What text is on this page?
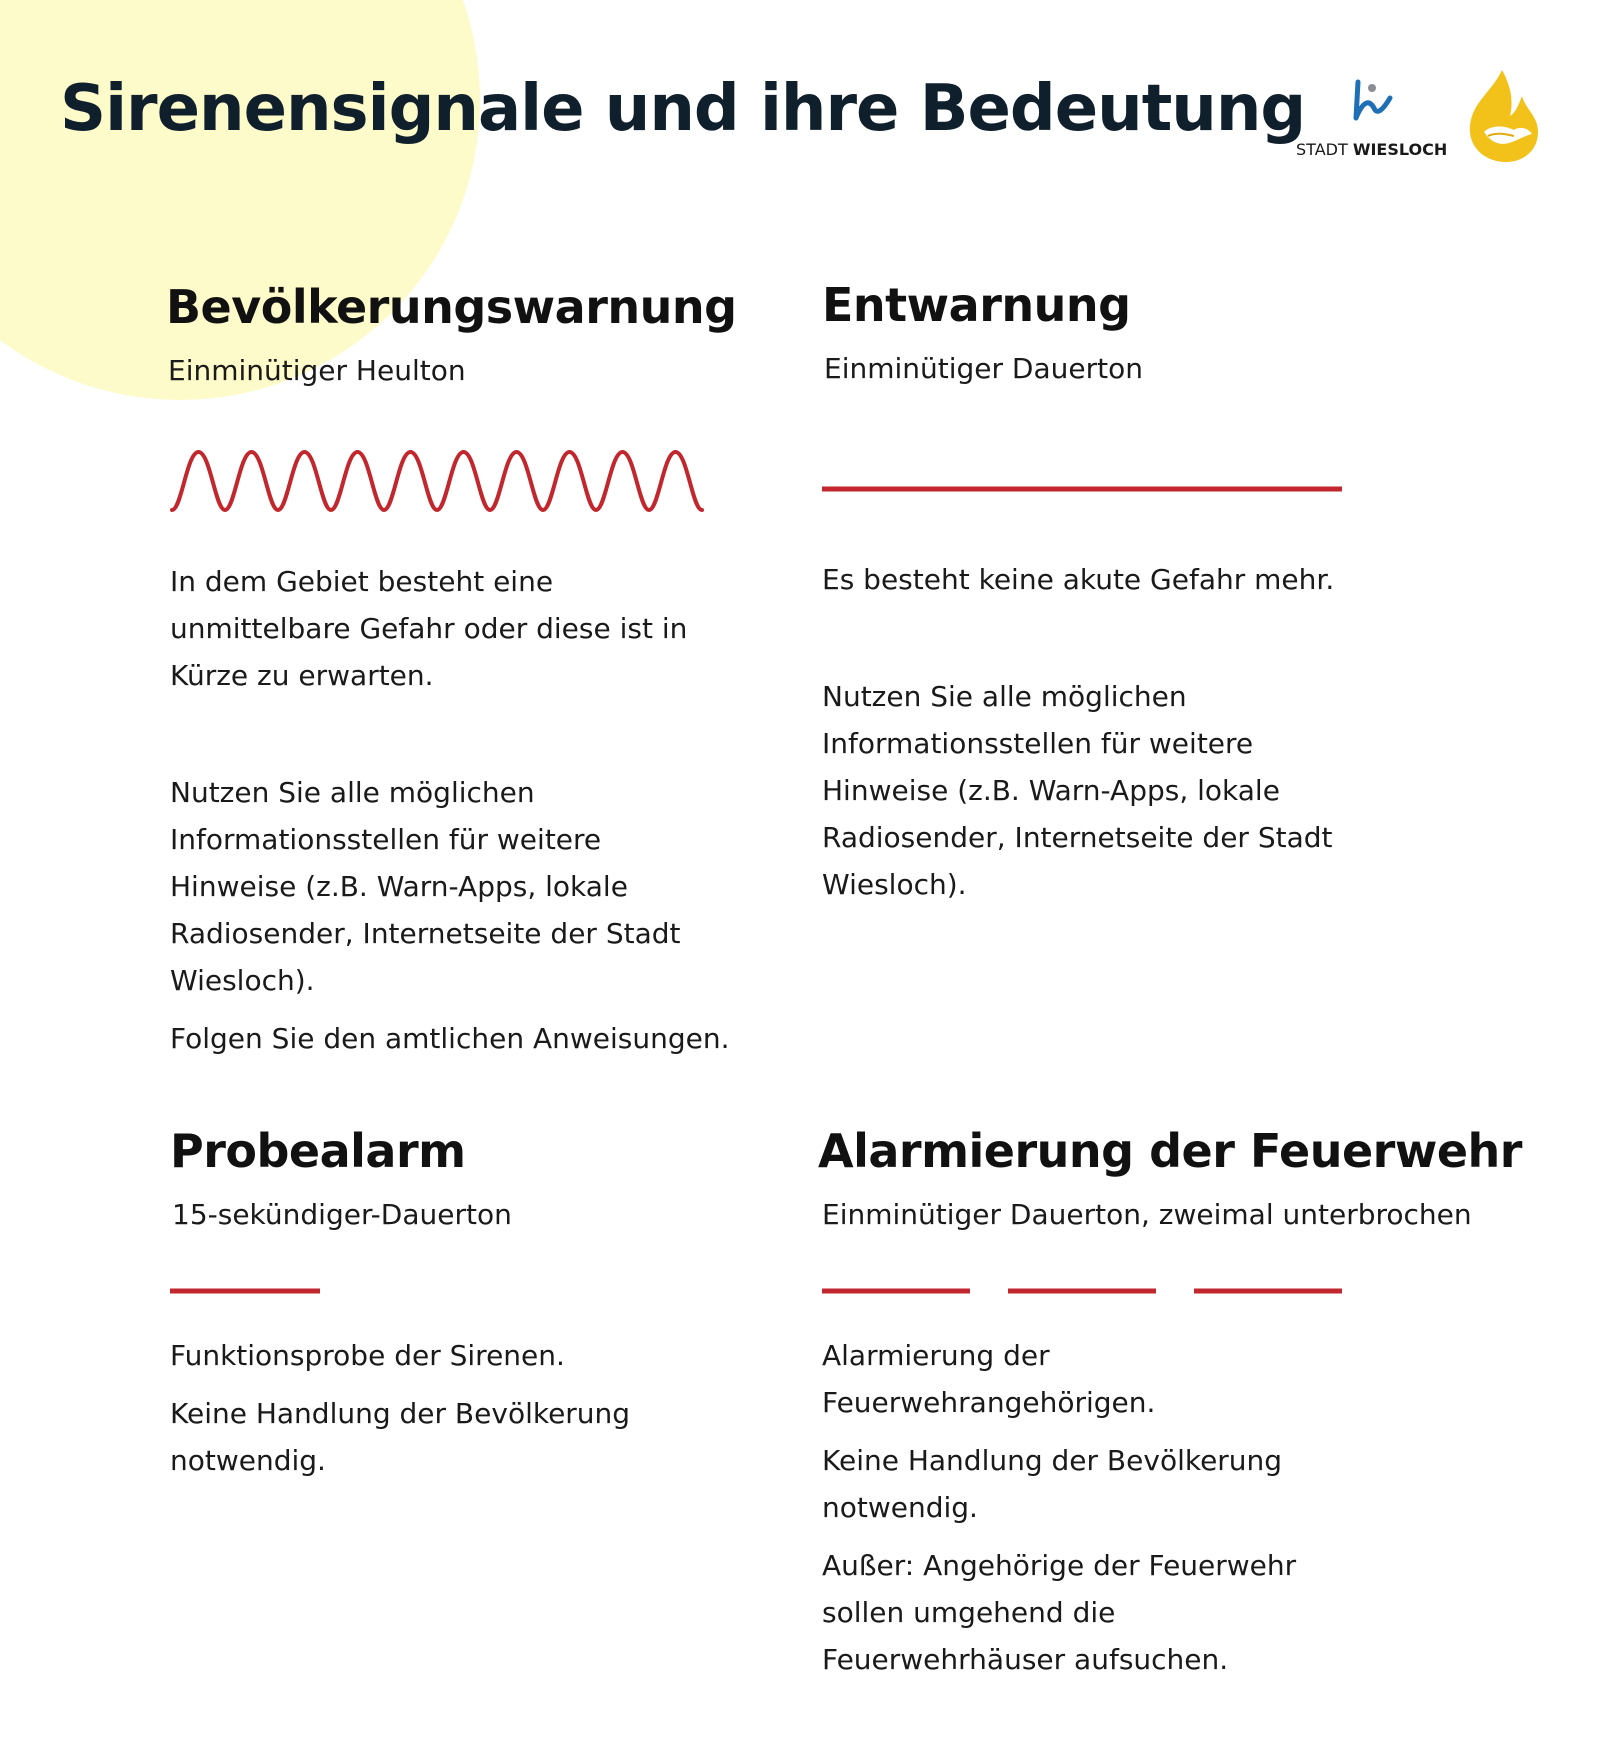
Sirenensignale und ihre Bedeutung
STADT WIESLOCH
Bevölkerungswarnung
Einminütiger Heulton

In dem Gebiet besteht eine unmittelbare Gefahr oder diese ist in Kürze zu erwarten.

Nutzen Sie alle möglichen Informationsstellen für weitere Hinweise (z.B. Warn-Apps, lokale Radiosender, Internetseite der Stadt Wiesloch).

Folgen Sie den amtlichen Anweisungen.

Entwarnung
Einminütiger Dauerton

Es besteht keine akute Gefahr mehr.

Nutzen Sie alle möglichen Informationsstellen für weitere Hinweise (z.B. Warn-Apps, lokale Radiosender, Internetseite der Stadt Wiesloch).

Probealarm
15-sekündiger-Dauerton

Funktionsprobe der Sirenen.

Keine Handlung der Bevölkerung notwendig.

Alarmierung der Feuerwehr
Einminütiger Dauerton, zweimal unterbrochen

Alarmierung der Feuerwehrangehörigen.

Keine Handlung der Bevölkerung notwendig.

Außer: Angehörige der Feuerwehr sollen umgehend die Feuerwehrhäuser aufsuchen.
